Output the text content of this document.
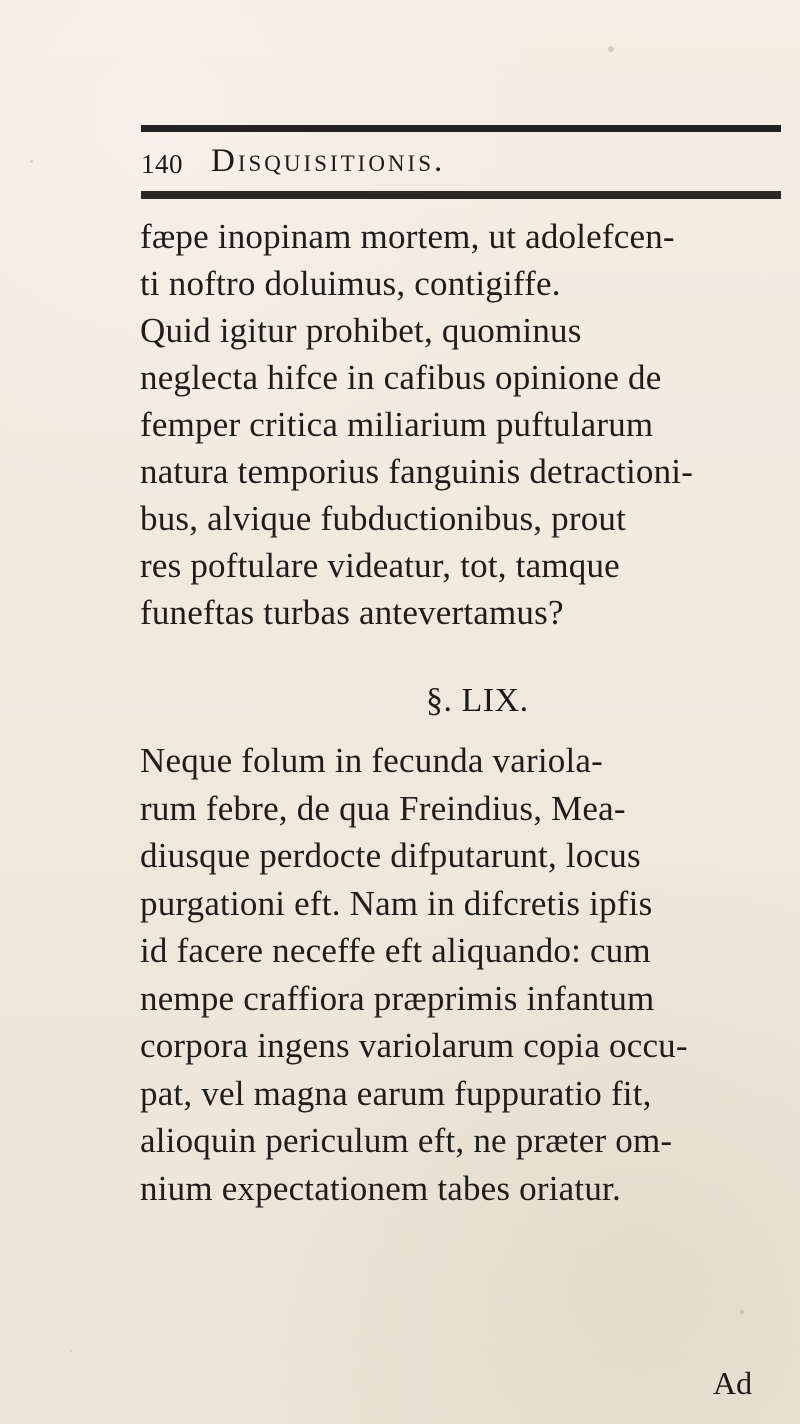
140 Disquisitionis.

fæpe inopinam mortem, ut adolefcen-
ti noftro doluimus, contigiffe.
Quid igitur prohibet, quominus
neglecta hifce in cafibus opinione de
femper critica miliarium puftularum
natura temporius fanguinis detractioni-
bus, alvique fubductionibus, prout
res poftulare videatur, tot, tamque
funeftas turbas antevertamus?

§. LIX.

Neque folum in fecunda variola-
rum febre, de qua Freindius, Mea-
diusque perdocte difputarunt, locus
purgationi eft. Nam in difcretis ipfis
id facere neceffe eft aliquando: cum
nempe craffiora præprimis infantum
corpora ingens variolarum copia occu-
pat, vel magna earum fuppuratio fit,
alioquin periculum eft, ne præter om-
nium expectationem tabes oriatur.

Ad
